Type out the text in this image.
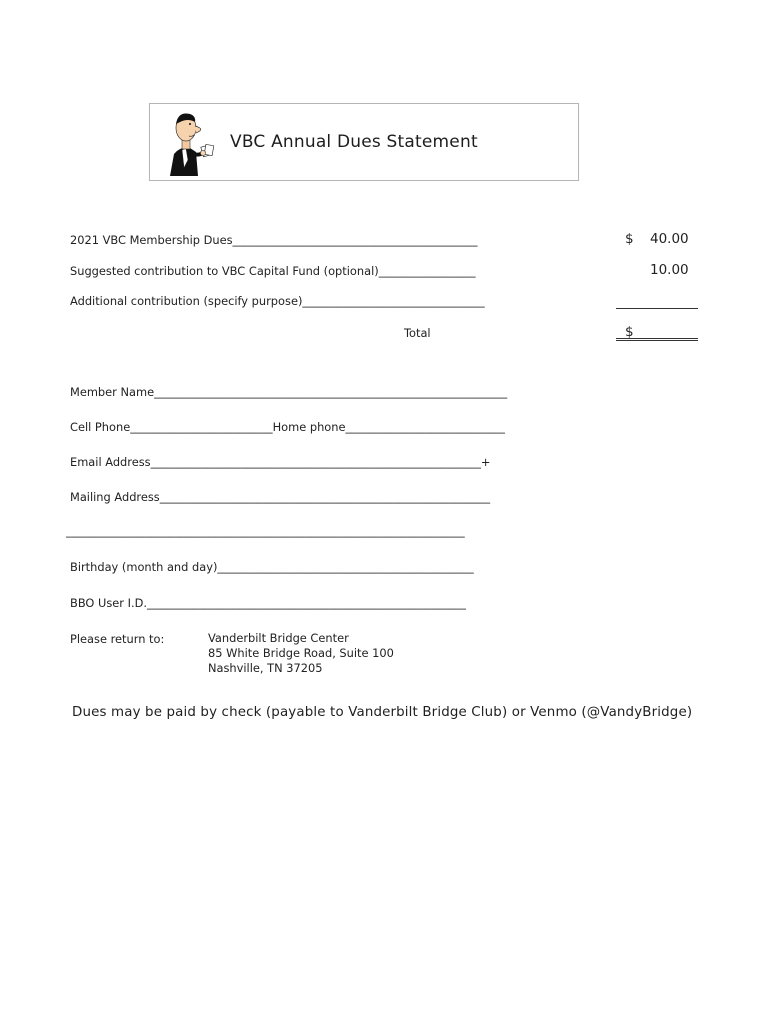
VBC Annual Dues Statement
2021 VBC Membership Dues___________________________________________	$ 40.00
Suggested contribution to VBC Capital Fund (optional)_________________	10.00
Additional contribution (specify purpose)________________________________
Total	$
Member Name______________________________________________________________
Cell Phone_________________________Home phone____________________________
Email Address__________________________________________________________+
Mailing Address__________________________________________________________
______________________________________________________________________
Birthday (month and day)_____________________________________________
BBO User I.D.________________________________________________________
Please return to:	Vanderbilt Bridge Center
85 White Bridge Road, Suite 100
Nashville, TN 37205
Dues may be paid by check (payable to Vanderbilt Bridge Club) or Venmo (@VandyBridge)
